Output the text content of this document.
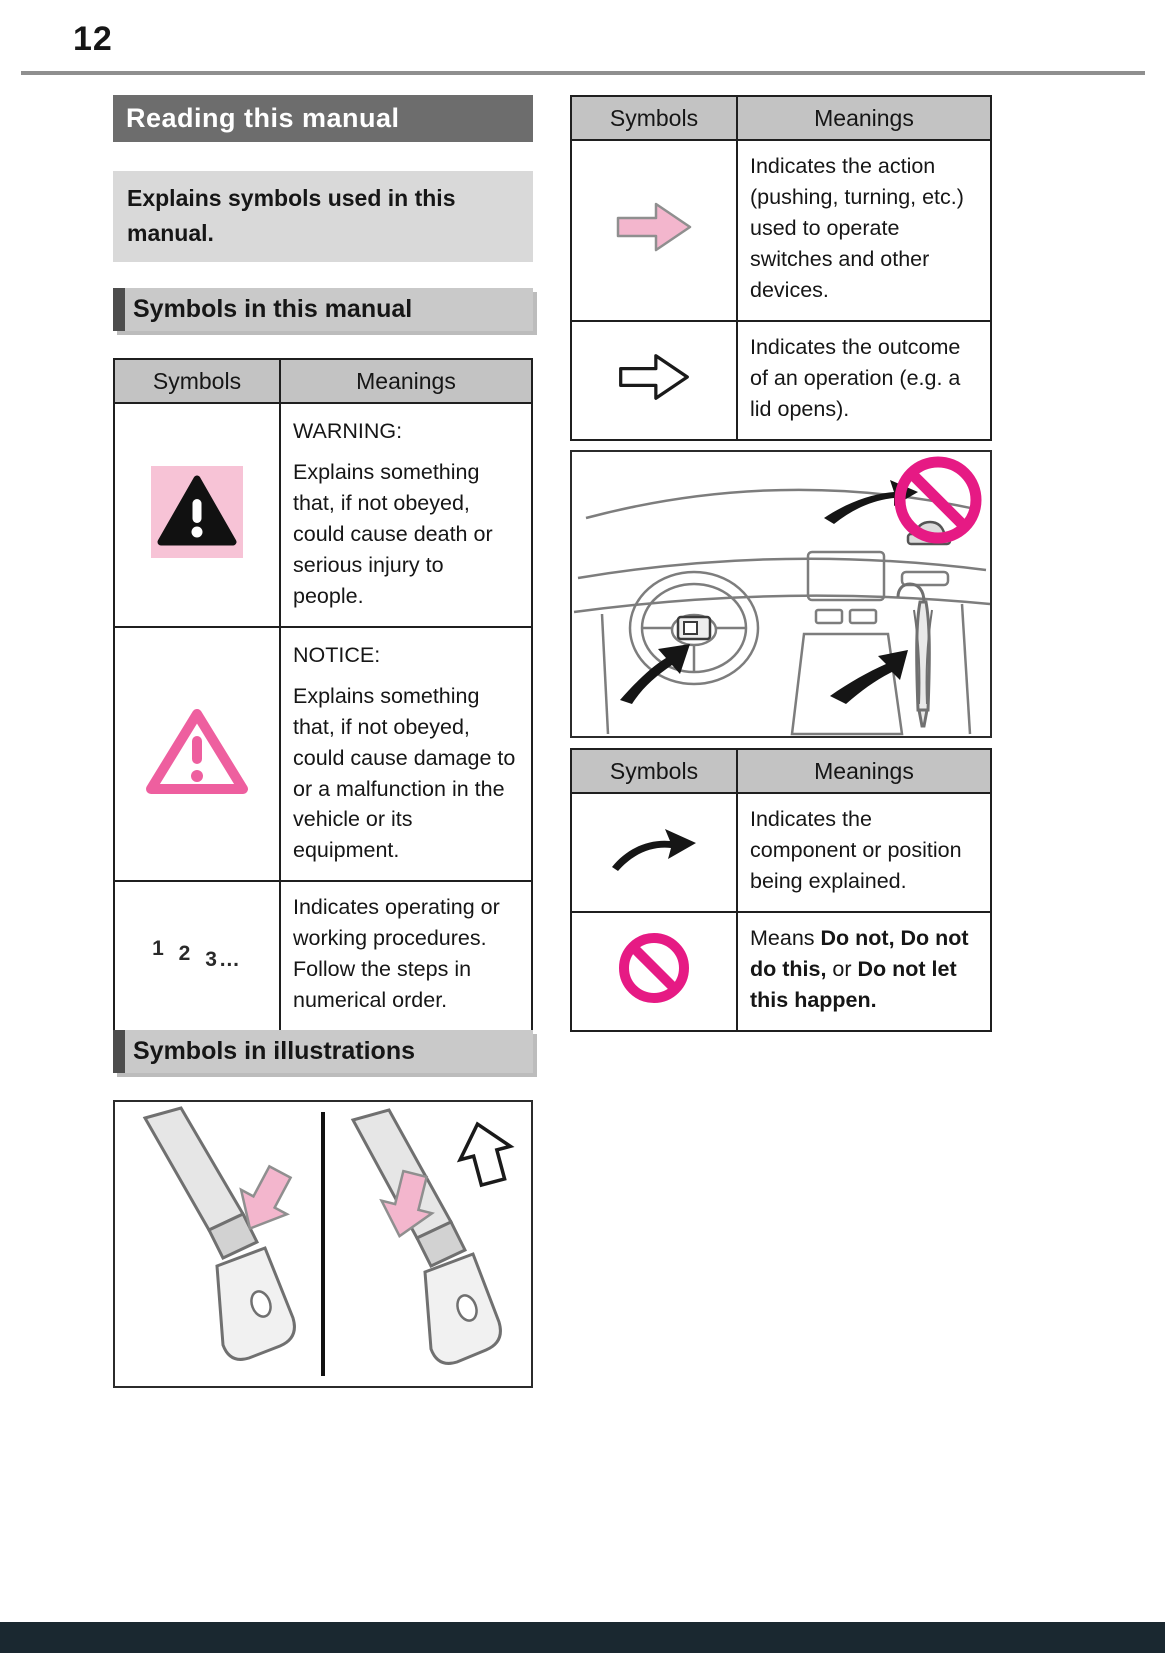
12
Reading this manual
Explains symbols used in this manual.
Symbols in this manual
Symbols	Meanings

WARNING:
Explains something that, if not obeyed, could cause death or serious injury to people.

NOTICE:
Explains something that, if not obeyed, could cause damage to or a malfunction in the vehicle or its equipment.

1 2 3…	Indicates operating or working procedures. Follow the steps in numerical order.
Symbols in illustrations
Symbols	Meanings

Indicates the action (pushing, turning, etc.) used to operate switches and other devices.

Indicates the outcome of an operation (e.g. a lid opens).
Symbols	Meanings

Indicates the component or position being explained.

Means Do not, Do not do this, or Do not let this happen.
